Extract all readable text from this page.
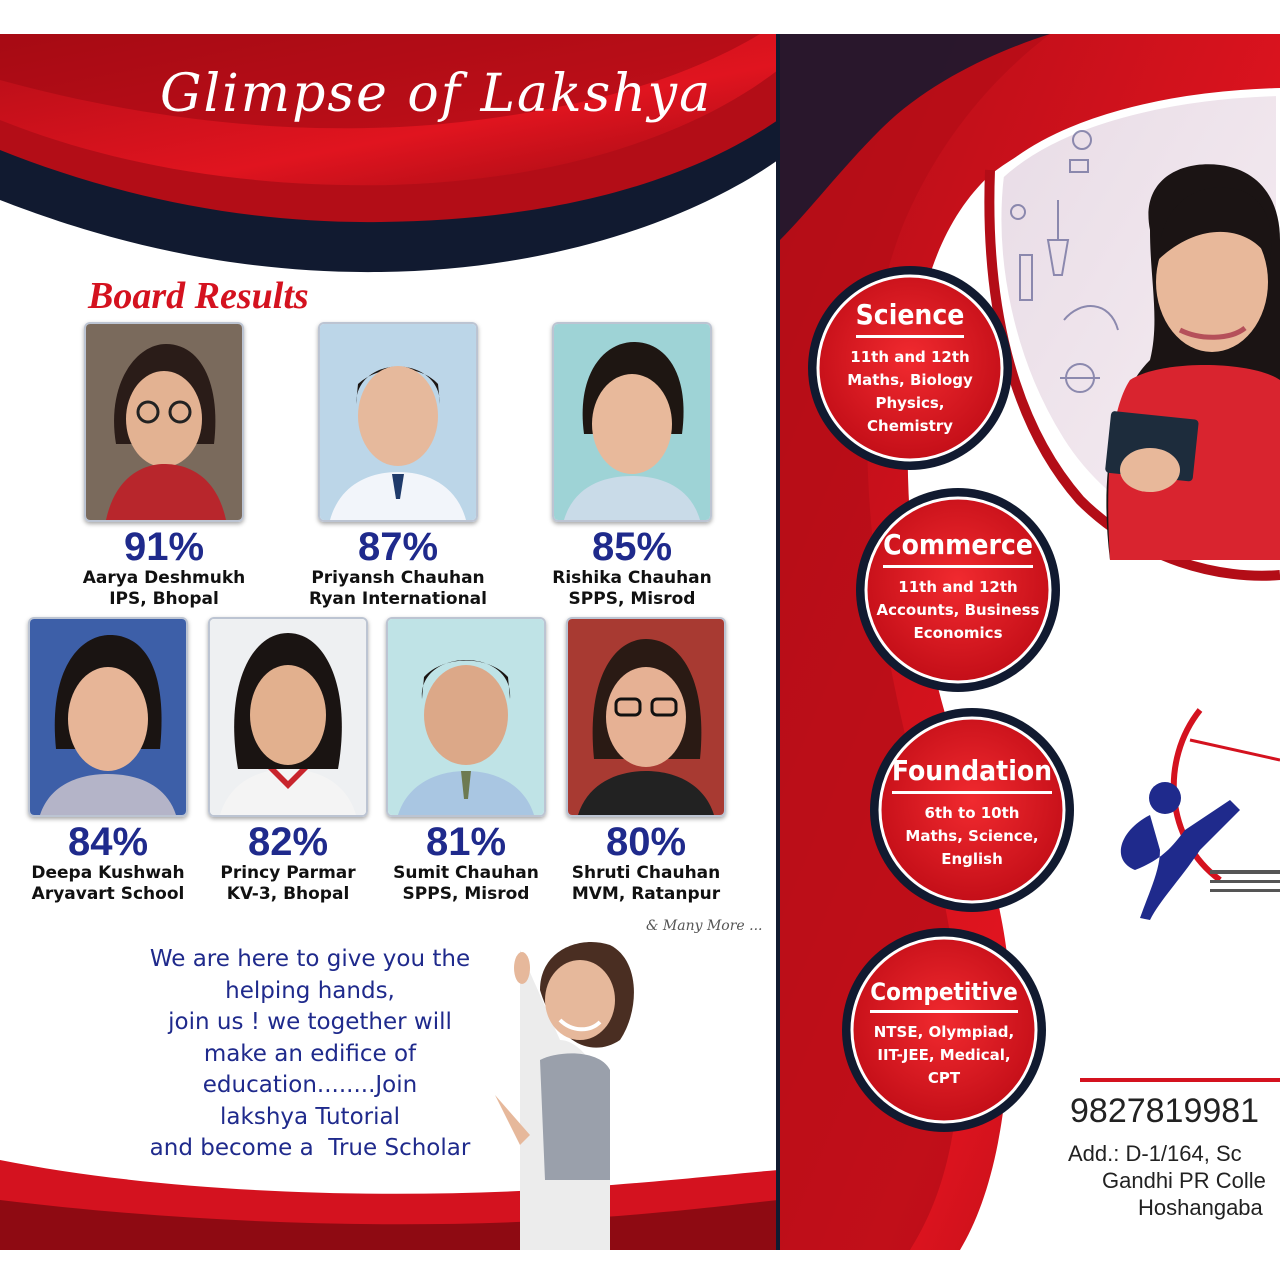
Glimpse of Lakshya
Board Results
91%
Aarya Deshmukh
IPS, Bhopal
87%
Priyansh Chauhan
Ryan International
85%
Rishika Chauhan
SPPS, Misrod
84%
Deepa Kushwah
Aryavart School
82%
Princy Parmar
KV-3, Bhopal
81%
Sumit Chauhan
SPPS, Misrod
80%
Shruti Chauhan
MVM, Ratanpur
& Many More ...
We are here to give you the
helping hands,
join us ! we together will
make an edifice of
education........Join
lakshya Tutorial
and become a  True Scholar
Science
11th and 12th
Maths, Biology
Physics,
Chemistry
Commerce
11th and 12th
Accounts, Business
Economics
Foundation
6th to 10th
Maths, Science,
English
Competitive
NTSE, Olympiad,
IIT-JEE, Medical,
CPT
9827819981
Add.: D-1/164, Sc
Gandhi PR Colle
Hoshangaba
